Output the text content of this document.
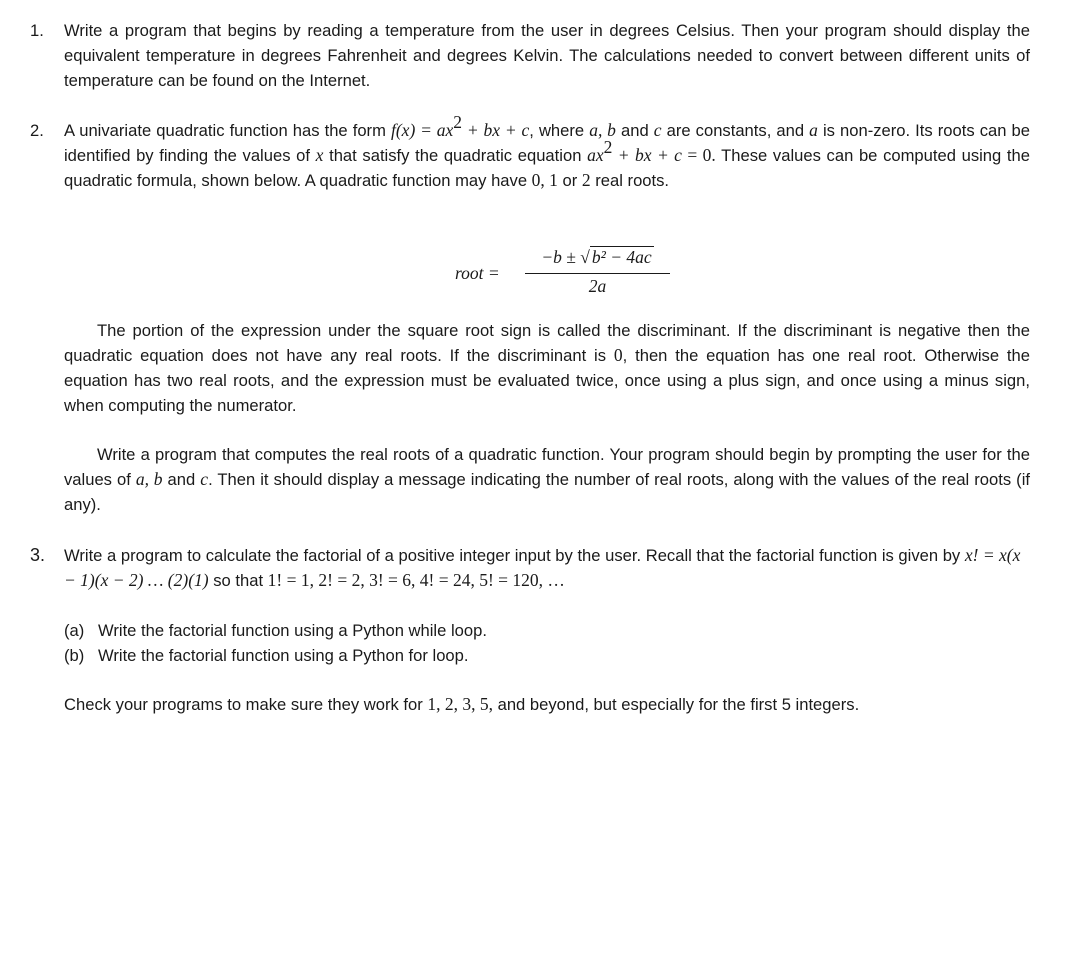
1. Write a program that begins by reading a temperature from the user in degrees Celsius. Then your program should display the equivalent temperature in degrees Fahrenheit and degrees Kelvin. The calculations needed to convert between different units of temperature can be found on the Internet.
2. A univariate quadratic function has the form $f(x) = ax^2$ + bx + c, where a, b and c are constants, and a is non-zero. Its roots can be identified by finding the values of x that satisfy the quadratic equation $ax^2$ + bx + c = 0. These values can be computed using the quadratic formula, shown below. A quadratic function may have 0, 1 or 2 real roots.
root =
−b ± √ b² − 4ac
2a
The portion of the expression under the square root sign is called the discriminant. If the discriminant is negative then the quadratic equation does not have any real roots. If the discriminant is 0, then the equation has one real root. Otherwise the equation has two real roots, and the expression must be evaluated twice, once using a plus sign, and once using a minus sign, when computing the numerator.
Write a program that computes the real roots of a quadratic function. Your program should begin by prompting the user for the values of a, b and c. Then it should display a message indicating the number of real roots, along with the values of the real roots (if any).
3. Write a program to calculate the factorial of a positive integer input by the user. Recall that the factorial function is given by x! = x(x − 1)(x − 2) … (2)(1) so that 1! = 1, 2! = 2, 3! = 6, 4! = 24, 5! = 120, …
(a) Write the factorial function using a Python while loop.
(b) Write the factorial function using a Python for loop.
Check your programs to make sure they work for 1, 2, 3, 5, and beyond, but especially for the first 5 integers.
